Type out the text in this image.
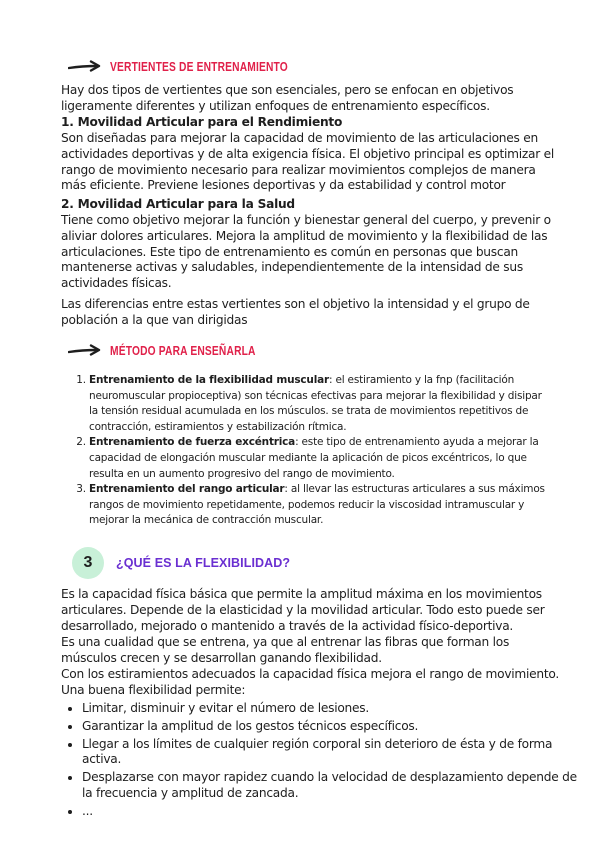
VERTIENTES DE ENTRENAMIENTO

Hay dos tipos de vertientes que son esenciales, pero se enfocan en objetivos ligeramente diferentes y utilizan enfoques de entrenamiento específicos.

1. Movilidad Articular para el Rendimiento

Son diseñadas para mejorar la capacidad de movimiento de las articulaciones en actividades deportivas y de alta exigencia física. El objetivo principal es optimizar el rango de movimiento necesario para realizar movimientos complejos de manera más eficiente. Previene lesiones deportivas y da estabilidad y control motor

2. Movilidad Articular para la Salud

Tiene como objetivo mejorar la función y bienestar general del cuerpo, y prevenir o aliviar dolores articulares. Mejora la amplitud de movimiento y la flexibilidad de las articulaciones. Este tipo de entrenamiento es común en personas que buscan mantenerse activas y saludables, independientemente de la intensidad de sus actividades físicas.

Las diferencias entre estas vertientes son el objetivo la intensidad y el grupo de población a la que van dirigidas

MÉTODO PARA ENSEÑARLA
1. Entrenamiento de la flexibilidad muscular: el estiramiento y la fnp (facilitación neuromuscular propioceptiva) son técnicas efectivas para mejorar la flexibilidad y disipar la tensión residual acumulada en los músculos. se trata de movimientos repetitivos de contracción, estiramientos y estabilización rítmica.
2. Entrenamiento de fuerza excéntrica: este tipo de entrenamiento ayuda a mejorar la capacidad de elongación muscular mediante la aplicación de picos excéntricos, lo que resulta en un aumento progresivo del rango de movimiento.
3. Entrenamiento del rango articular: al llevar las estructuras articulares a sus máximos rangos de movimiento repetidamente, podemos reducir la viscosidad intramuscular y mejorar la mecánica de contracción muscular.
3	¿QUÉ ES LA FLEXIBILIDAD?

Es la capacidad física básica que permite la amplitud máxima en los movimientos articulares. Depende de la elasticidad y la movilidad articular. Todo esto puede ser desarrollado, mejorado o mantenido a través de la actividad físico-deportiva.

Es una cualidad que se entrena, ya que al entrenar las fibras que forman los músculos crecen y se desarrollan ganando flexibilidad.

Con los estiramientos adecuados la capacidad física mejora el rango de movimiento. Una buena flexibilidad permite:

• Limitar, disminuir y evitar el número de lesiones.
• Garantizar la amplitud de los gestos técnicos específicos.
• Llegar a los límites de cualquier región corporal sin deterioro de ésta y de forma activa.
• Desplazarse con mayor rapidez cuando la velocidad de desplazamiento depende de la frecuencia y amplitud de zancada.
• ...
